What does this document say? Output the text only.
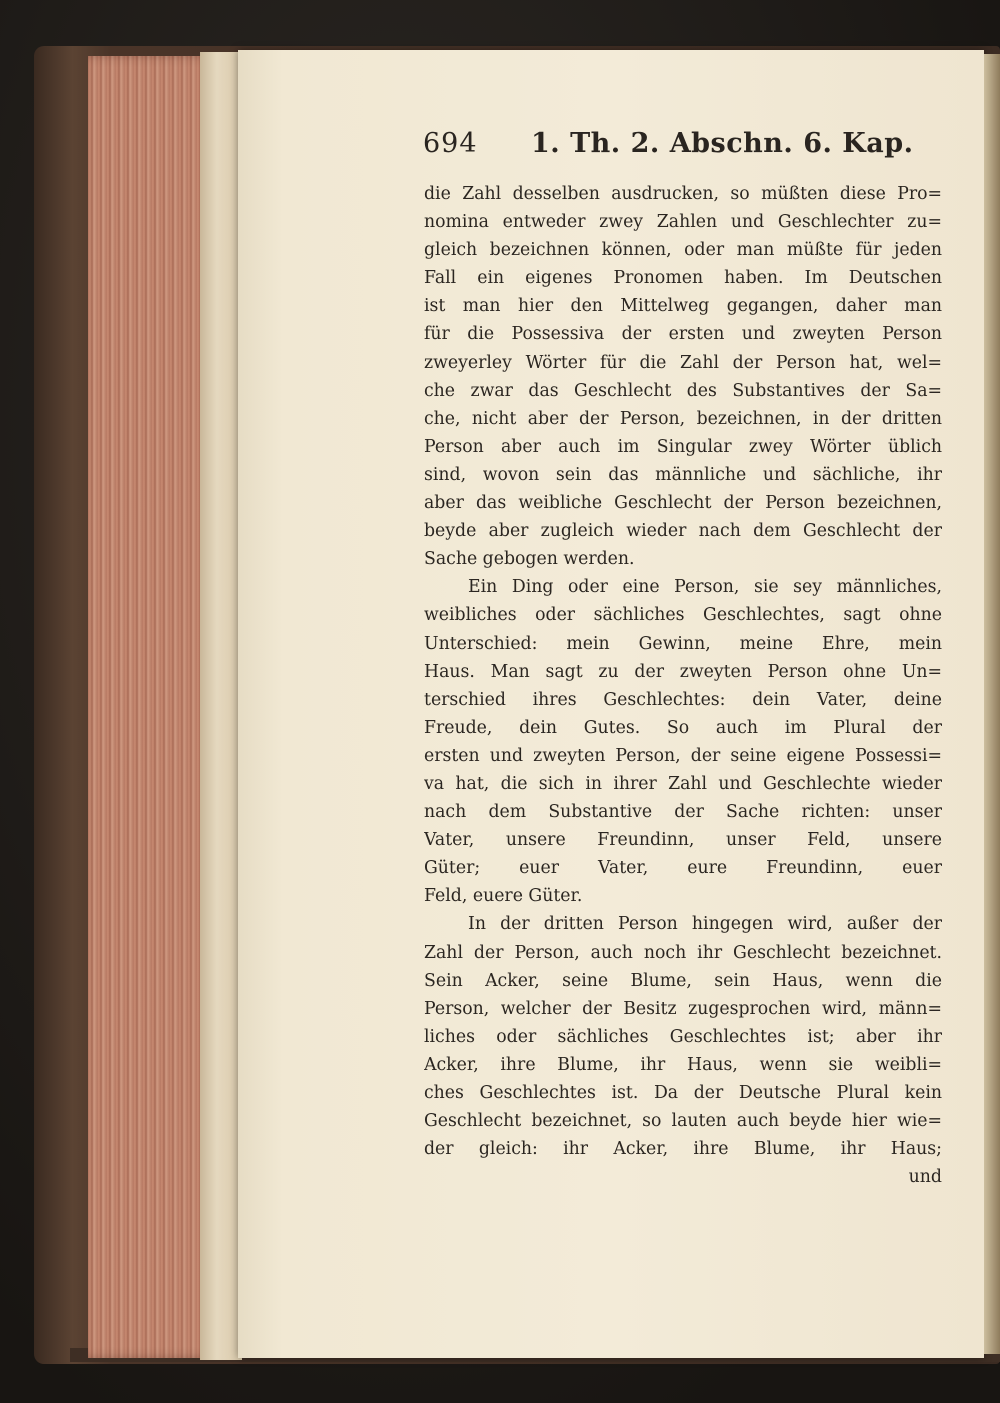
694 1. Th. 2. Abschn. 6. Kap.
die Zahl desselben ausdrucken, so müßten diese Pro=
nomina entweder zwey Zahlen und Geschlechter zu=
gleich bezeichnen können, oder man müßte für jeden
Fall ein eigenes Pronomen haben. Im Deutschen
ist man hier den Mittelweg gegangen, daher man
für die Possessiva der ersten und zweyten Person
zweyerley Wörter für die Zahl der Person hat, wel=
che zwar das Geschlecht des Substantives der Sa=
che, nicht aber der Person, bezeichnen, in der dritten
Person aber auch im Singular zwey Wörter üblich
sind, wovon sein das männliche und sächliche, ihr
aber das weibliche Geschlecht der Person bezeichnen,
beyde aber zugleich wieder nach dem Geschlecht der
Sache gebogen werden.
Ein Ding oder eine Person, sie sey männliches,
weibliches oder sächliches Geschlechtes, sagt ohne
Unterschied: mein Gewinn, meine Ehre, mein
Haus. Man sagt zu der zweyten Person ohne Un=
terschied ihres Geschlechtes: dein Vater, deine
Freude, dein Gutes. So auch im Plural der
ersten und zweyten Person, der seine eigene Possessi=
va hat, die sich in ihrer Zahl und Geschlechte wieder
nach dem Substantive der Sache richten: unser
Vater, unsere Freundinn, unser Feld, unsere
Güter; euer Vater, eure Freundinn, euer
Feld, euere Güter.
In der dritten Person hingegen wird, außer der
Zahl der Person, auch noch ihr Geschlecht bezeichnet.
Sein Acker, seine Blume, sein Haus, wenn die
Person, welcher der Besitz zugesprochen wird, männ=
liches oder sächliches Geschlechtes ist; aber ihr
Acker, ihre Blume, ihr Haus, wenn sie weibli=
ches Geschlechtes ist. Da der Deutsche Plural kein
Geschlecht bezeichnet, so lauten auch beyde hier wie=
der gleich: ihr Acker, ihre Blume, ihr Haus;
und
